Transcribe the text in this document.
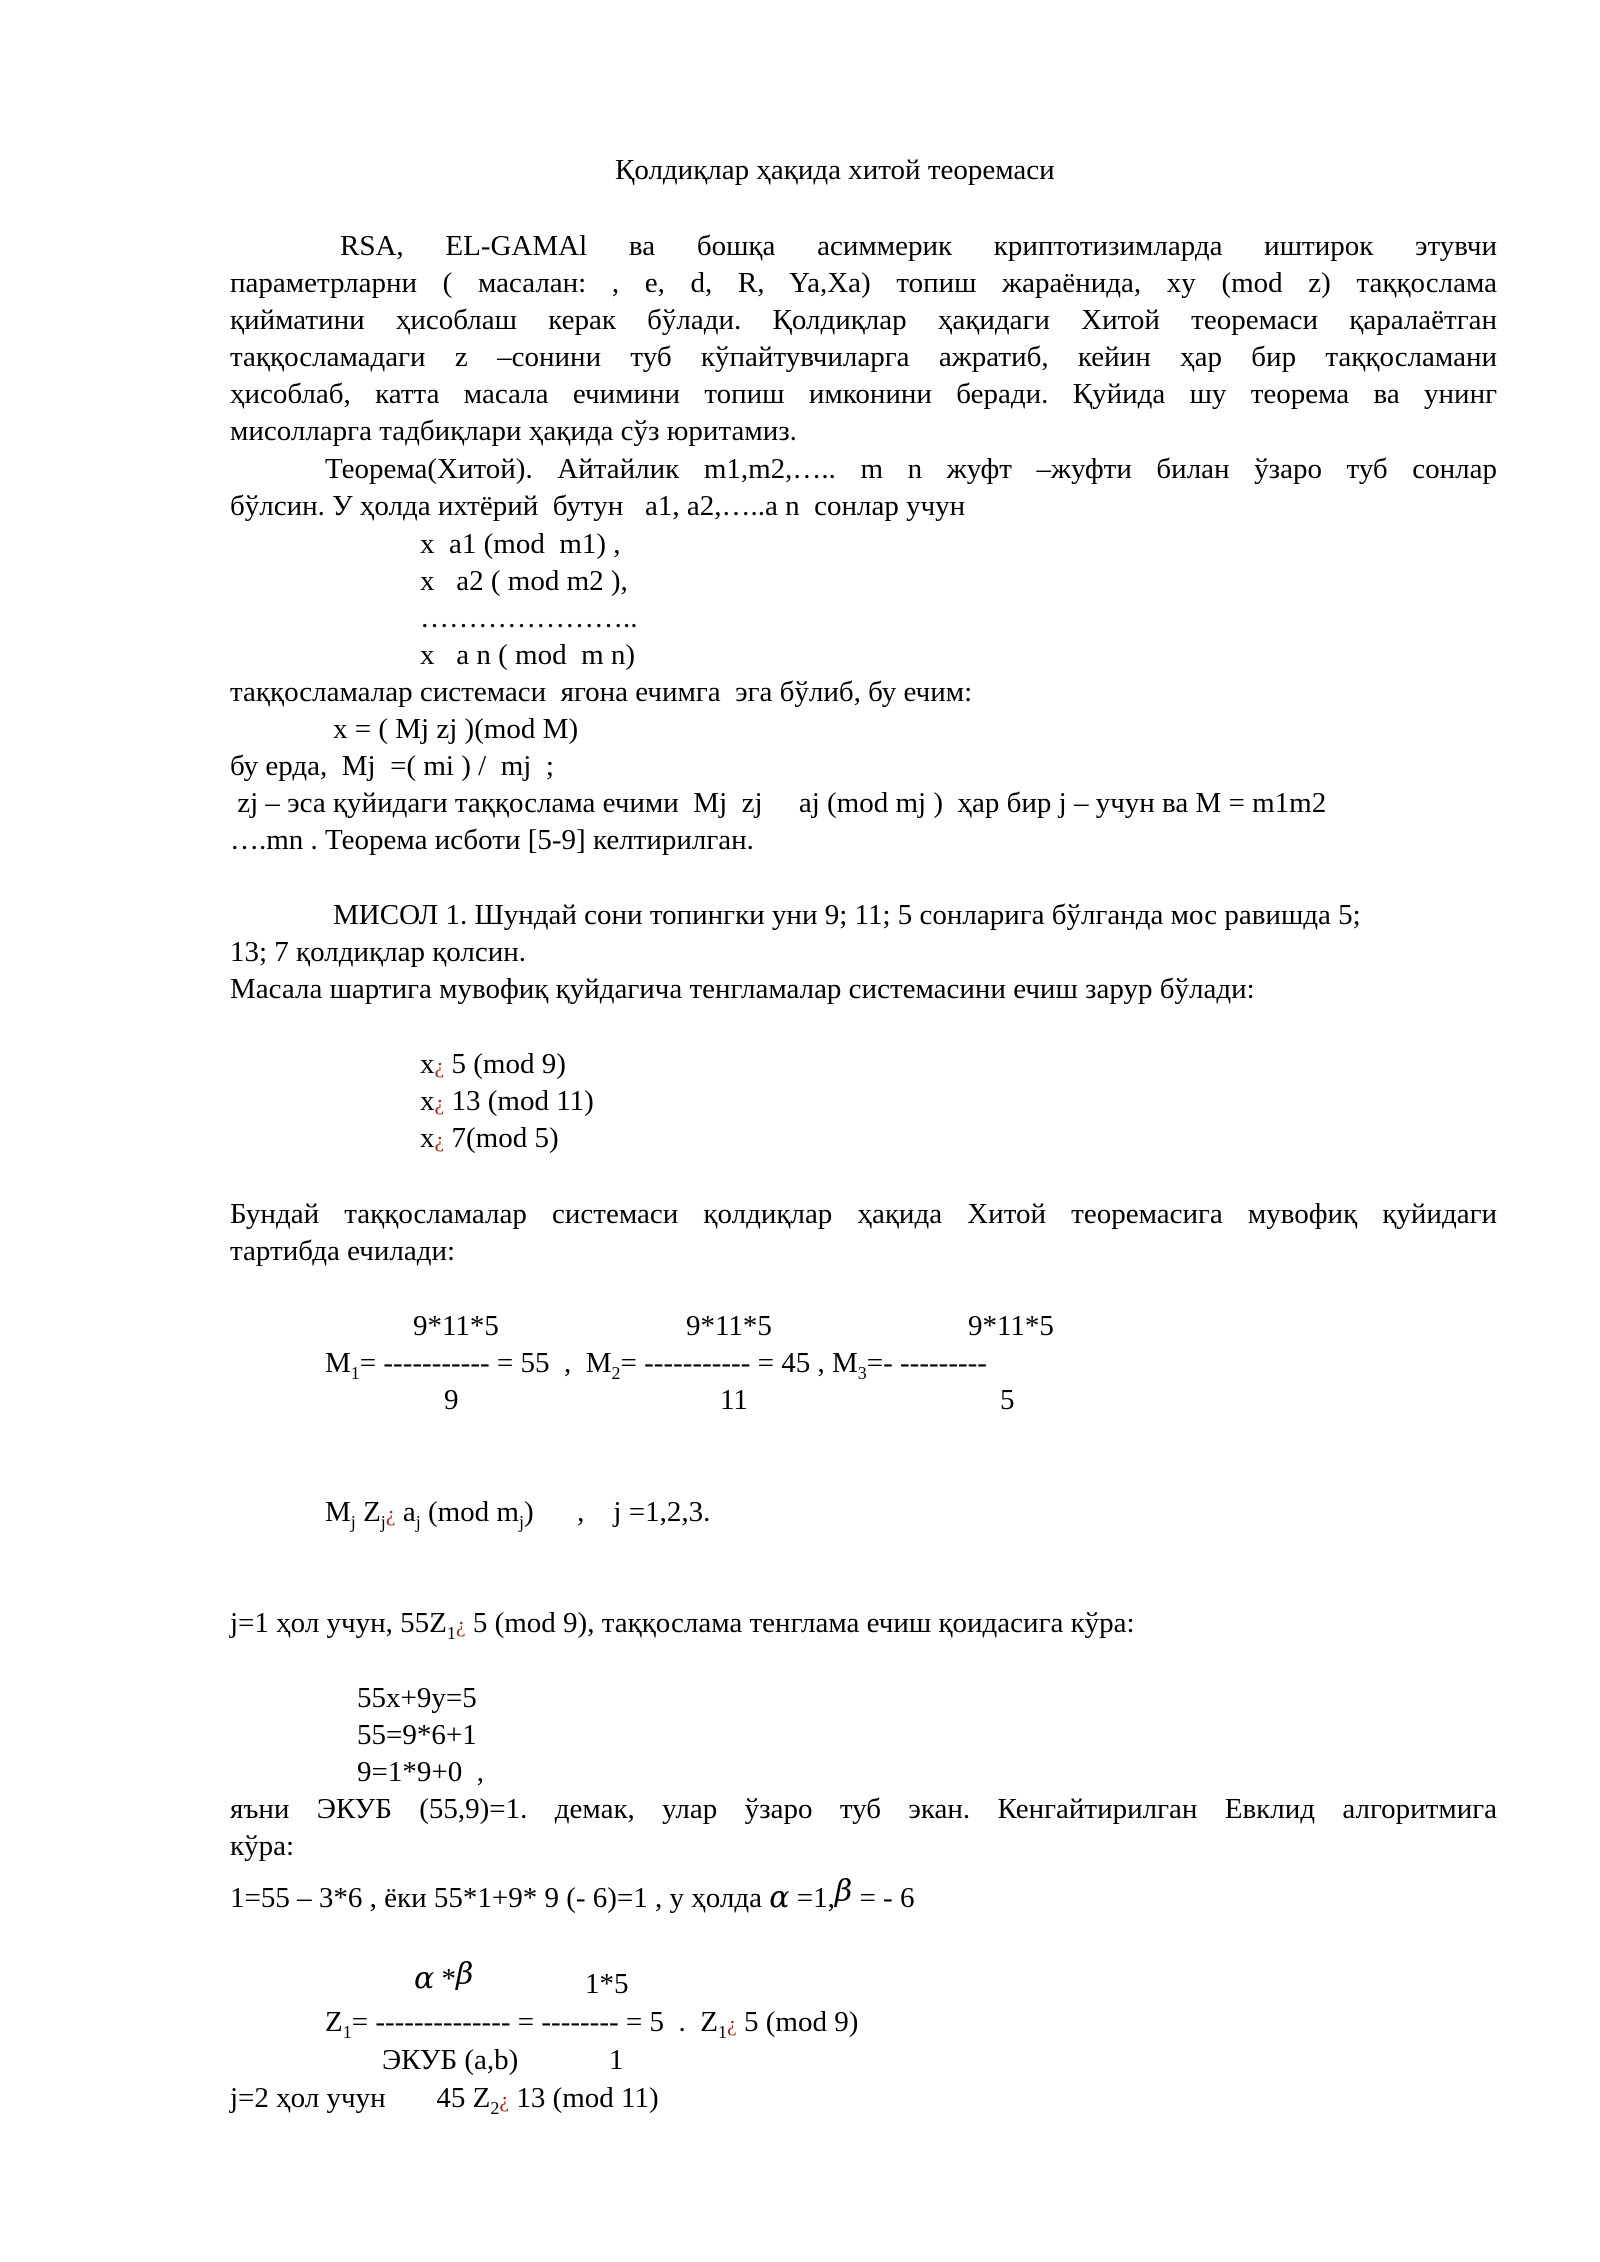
Қолдиқлар ҳақида хитой теоремаси
RSA, EL-GAMAl ва бошқа асиммерик криптотизимларда иштирок этувчи
параметрларни ( масалан: , e, d, R, Ya,Xa) топиш жараёнида, xy (mod z) таққослама
қийматини ҳисоблаш керак бўлади. Қолдиқлар ҳақидаги Хитой теоремаси қаралаётган
таққосламадаги z –сонини туб кўпайтувчиларга ажратиб, кейин ҳар бир таққосламани
ҳисоблаб, катта масала ечимини топиш имконини беради. Қуйида шу теорема ва унинг
мисолларга тадбиқлари ҳақида сўз юритамиз.
Теорема(Хитой). Айтайлик m1,m2,….. m n жуфт –жуфти билан ўзаро туб сонлар
бўлсин. У ҳолда ихтёрий  бутун   a1, a2,…..a n  сонлар учун
x  a1 (mod  m1) ,
x   a2 ( mod m2 ),
…………………..
x   a n ( mod  m n)
таққосламалар системаси  ягона ечимга  эга бўлиб, бу ечим:
x = ( Mj zj )(mod M)
бу ерда,  Mj  =( mi ) /  mj  ;
zj – эса қуйидаги таққослама ечими  Mj  zj     aj (mod mj )  ҳар бир j – учун ва M = m1m2
….mn . Теорема исботи [5-9] келтирилган.
МИСОЛ 1. Шундай сони топингки уни 9; 11; 5 сонларига бўлганда мос равишда 5;
13; 7 қолдиқлар қолсин.
Масала шартига мувофиқ қуйдагича тенгламалар системасини ечиш зарур бўлади:
x¿ 5 (mod 9)
x¿ 13 (mod 11)
x¿ 7(mod 5)
Бундай таққосламалар системаси қолдиқлар ҳақида Хитой теоремасига мувофиқ қуйидаги
тартибда ечилади:
9*11*5	9*11*5	9*11*5
$M_1=$ ----------- = 55  ,  $M_2=$ ----------- = 45 , $M_3=-$ ---------
9	11	5
$M_j$ $Z_j¿$ $a_j$ (mod $m_j$)      ,    j =1,2,3.
j=1 ҳол учун, $55Z_1¿$ 5 (mod 9), таққослама тенглама ечиш қоидасига кўра:
55x+9y=5
55=9*6+1
9=1*9+0  ,
яъни ЭКУБ (55,9)=1. демак, улар ўзаро туб экан. Кенгайтирилган Евклид алгоритмига
кўра:
1=55 – 3*6 , ёки 55*1+9* 9 (- 6)=1 , у ҳолда α =1,β = - 6
α *β	1*5
$Z_1=$ -------------- = -------- = 5  .  $Z_1¿$ 5 (mod 9)
ЭКУБ (a,b)	1
j=2 ҳол учун       45 $Z_2¿$ 13 (mod 11)
